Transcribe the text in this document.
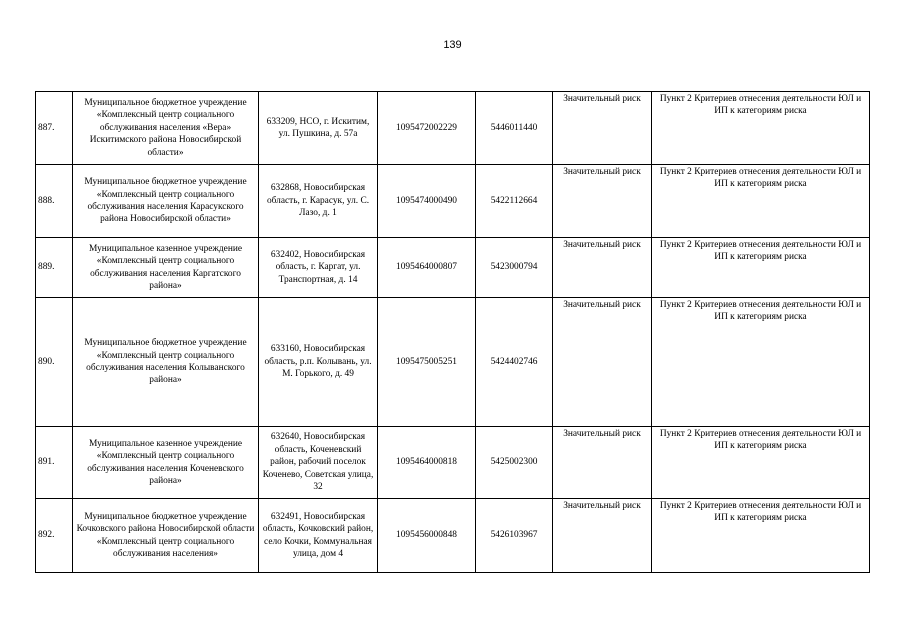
139
887.	Муниципальное бюджетное учреждение «Комплексный центр социального обслуживания населения «Вера» Искитимского района Новосибирской области»	633209, НСО, г. Искитим, ул. Пушкина, д. 57а	1095472002229	5446011440	Значительный риск	Пункт 2 Критериев отнесения деятельности ЮЛ и ИП к категориям риска
888.	Муниципальное бюджетное учреждение «Комплексный центр социального обслуживания населения Карасукского района Новосибирской области»	632868, Новосибирская область, г. Карасук, ул. С. Лазо, д. 1	1095474000490	5422112664	Значительный риск	Пункт 2 Критериев отнесения деятельности ЮЛ и ИП к категориям риска
889.	Муниципальное казенное учреждение «Комплексный центр социального обслуживания населения Каргатского района»	632402, Новосибирская область, г. Каргат, ул. Транспортная, д. 14	1095464000807	5423000794	Значительный риск	Пункт 2 Критериев отнесения деятельности ЮЛ и ИП к категориям риска
890.	Муниципальное бюджетное учреждение «Комплексный центр социального обслуживания населения Колыванского района»	633160, Новосибирская область, р.п. Колывань, ул. М. Горького, д. 49	1095475005251	5424402746	Значительный риск	Пункт 2 Критериев отнесения деятельности ЮЛ и ИП к категориям риска
891.	Муниципальное казенное учреждение «Комплексный центр социального обслуживания населения Коченевского района»	632640, Новосибирская область, Коченевский район, рабочий поселок Коченево, Советская улица, 32	1095464000818	5425002300	Значительный риск	Пункт 2 Критериев отнесения деятельности ЮЛ и ИП к категориям риска
892.	Муниципальное бюджетное учреждение Кочковского района Новосибирской области «Комплексный центр социального обслуживания населения»	632491, Новосибирская область, Кочковский район, село Кочки, Коммунальная улица, дом 4	1095456000848	5426103967	Значительный риск	Пункт 2 Критериев отнесения деятельности ЮЛ и ИП к категориям риска
